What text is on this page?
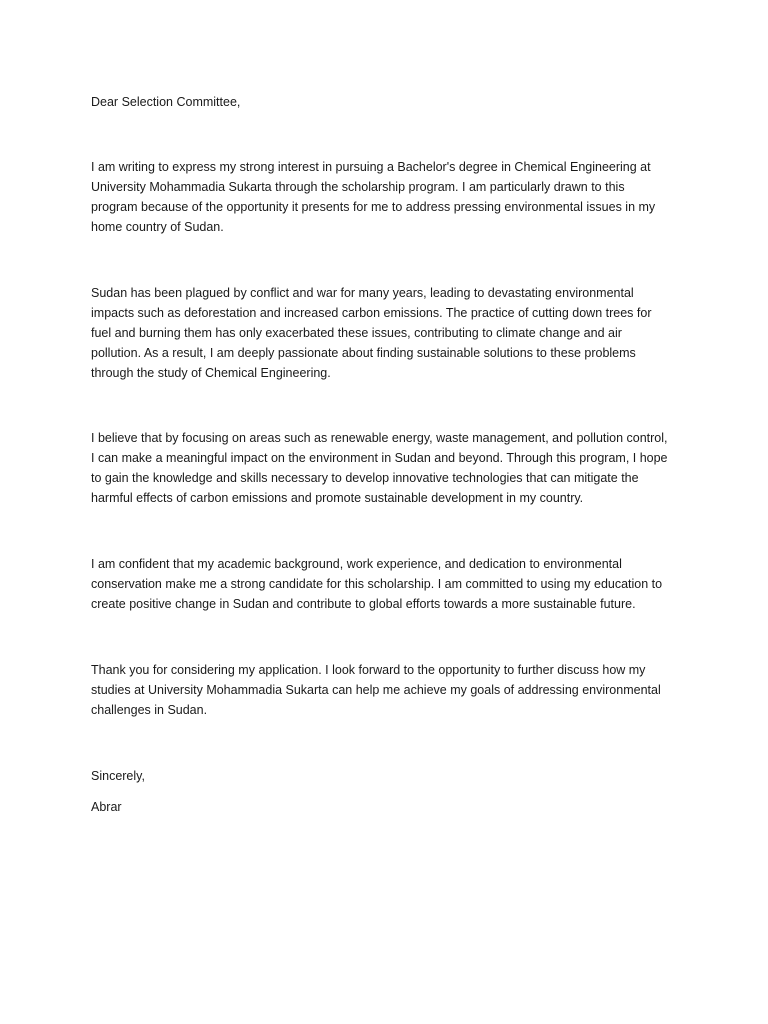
Dear Selection Committee,

I am writing to express my strong interest in pursuing a Bachelor's degree in Chemical Engineering at
University Mohammadia Sukarta through the scholarship program. I am particularly drawn to this
program because of the opportunity it presents for me to address pressing environmental issues in my
home country of Sudan.

Sudan has been plagued by conflict and war for many years, leading to devastating environmental
impacts such as deforestation and increased carbon emissions. The practice of cutting down trees for
fuel and burning them has only exacerbated these issues, contributing to climate change and air
pollution. As a result, I am deeply passionate about finding sustainable solutions to these problems
through the study of Chemical Engineering.

I believe that by focusing on areas such as renewable energy, waste management, and pollution control,
I can make a meaningful impact on the environment in Sudan and beyond. Through this program, I hope
to gain the knowledge and skills necessary to develop innovative technologies that can mitigate the
harmful effects of carbon emissions and promote sustainable development in my country.

I am confident that my academic background, work experience, and dedication to environmental
conservation make me a strong candidate for this scholarship. I am committed to using my education to
create positive change in Sudan and contribute to global efforts towards a more sustainable future.

Thank you for considering my application. I look forward to the opportunity to further discuss how my
studies at University Mohammadia Sukarta can help me achieve my goals of addressing environmental
challenges in Sudan.

Sincerely,

Abrar
